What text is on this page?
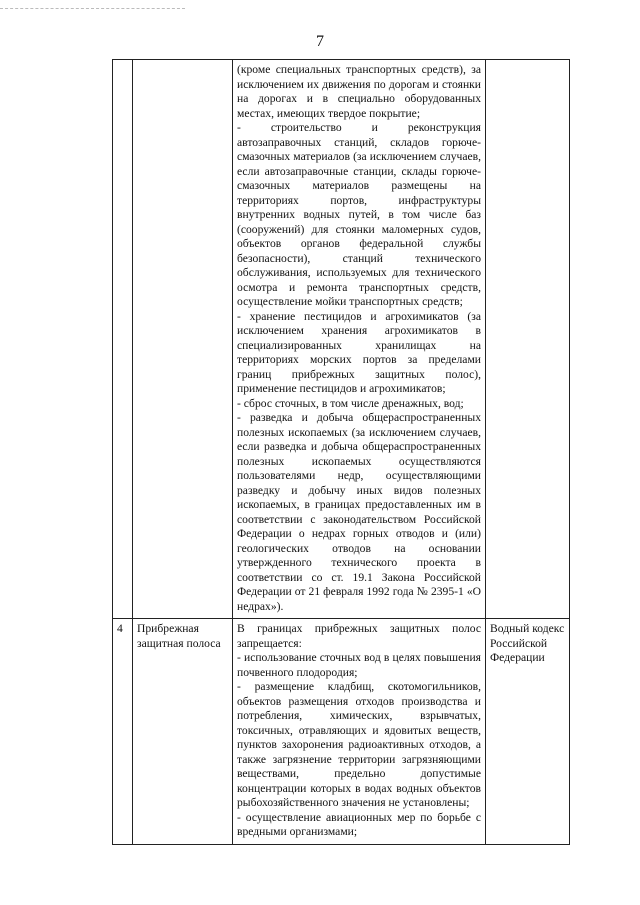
7

		(кроме специальных транспортных средств), за исключением их движения по дорогам и стоянки на дорогах и в специально оборудованных местах, имеющих твердое покрытие;
- строительство и реконструкция автозаправочных станций, складов горюче-смазочных материалов (за исключением случаев, если автозаправочные станции, склады горюче-смазочных материалов размещены на территориях портов, инфраструктуры внутренних водных путей, в том числе баз (сооружений) для стоянки маломерных судов, объектов органов федеральной службы безопасности), станций технического обслуживания, используемых для технического осмотра и ремонта транспортных средств, осуществление мойки транспортных средств;
- хранение пестицидов и агрохимикатов (за исключением хранения агрохимикатов в специализированных хранилищах на территориях морских портов за пределами границ прибрежных защитных полос), применение пестицидов и агрохимикатов;
- сброс сточных, в том числе дренажных, вод;
- разведка и добыча общераспространенных полезных ископаемых (за исключением случаев, если разведка и добыча общераспространенных полезных ископаемых осуществляются пользователями недр, осуществляющими разведку и добычу иных видов полезных ископаемых, в границах предоставленных им в соответствии с законодательством Российской Федерации о недрах горных отводов и (или) геологических отводов на основании утвержденного технического проекта в соответствии со ст. 19.1 Закона Российской Федерации от 21 февраля 1992 года № 2395-1 «О недрах»).	

4	Прибрежная защитная полоса	В границах прибрежных защитных полос запрещается:
- использование сточных вод в целях повышения почвенного плодородия;
- размещение кладбищ, скотомогильников, объектов размещения отходов производства и потребления, химических, взрывчатых, токсичных, отравляющих и ядовитых веществ, пунктов захоронения радиоактивных отходов, а также загрязнение территории загрязняющими веществами, предельно допустимые концентрации которых в водах водных объектов рыбохозяйственного значения не установлены;
- осуществление авиационных мер по борьбе с вредными организмами;	Водный кодекс Российской Федерации
